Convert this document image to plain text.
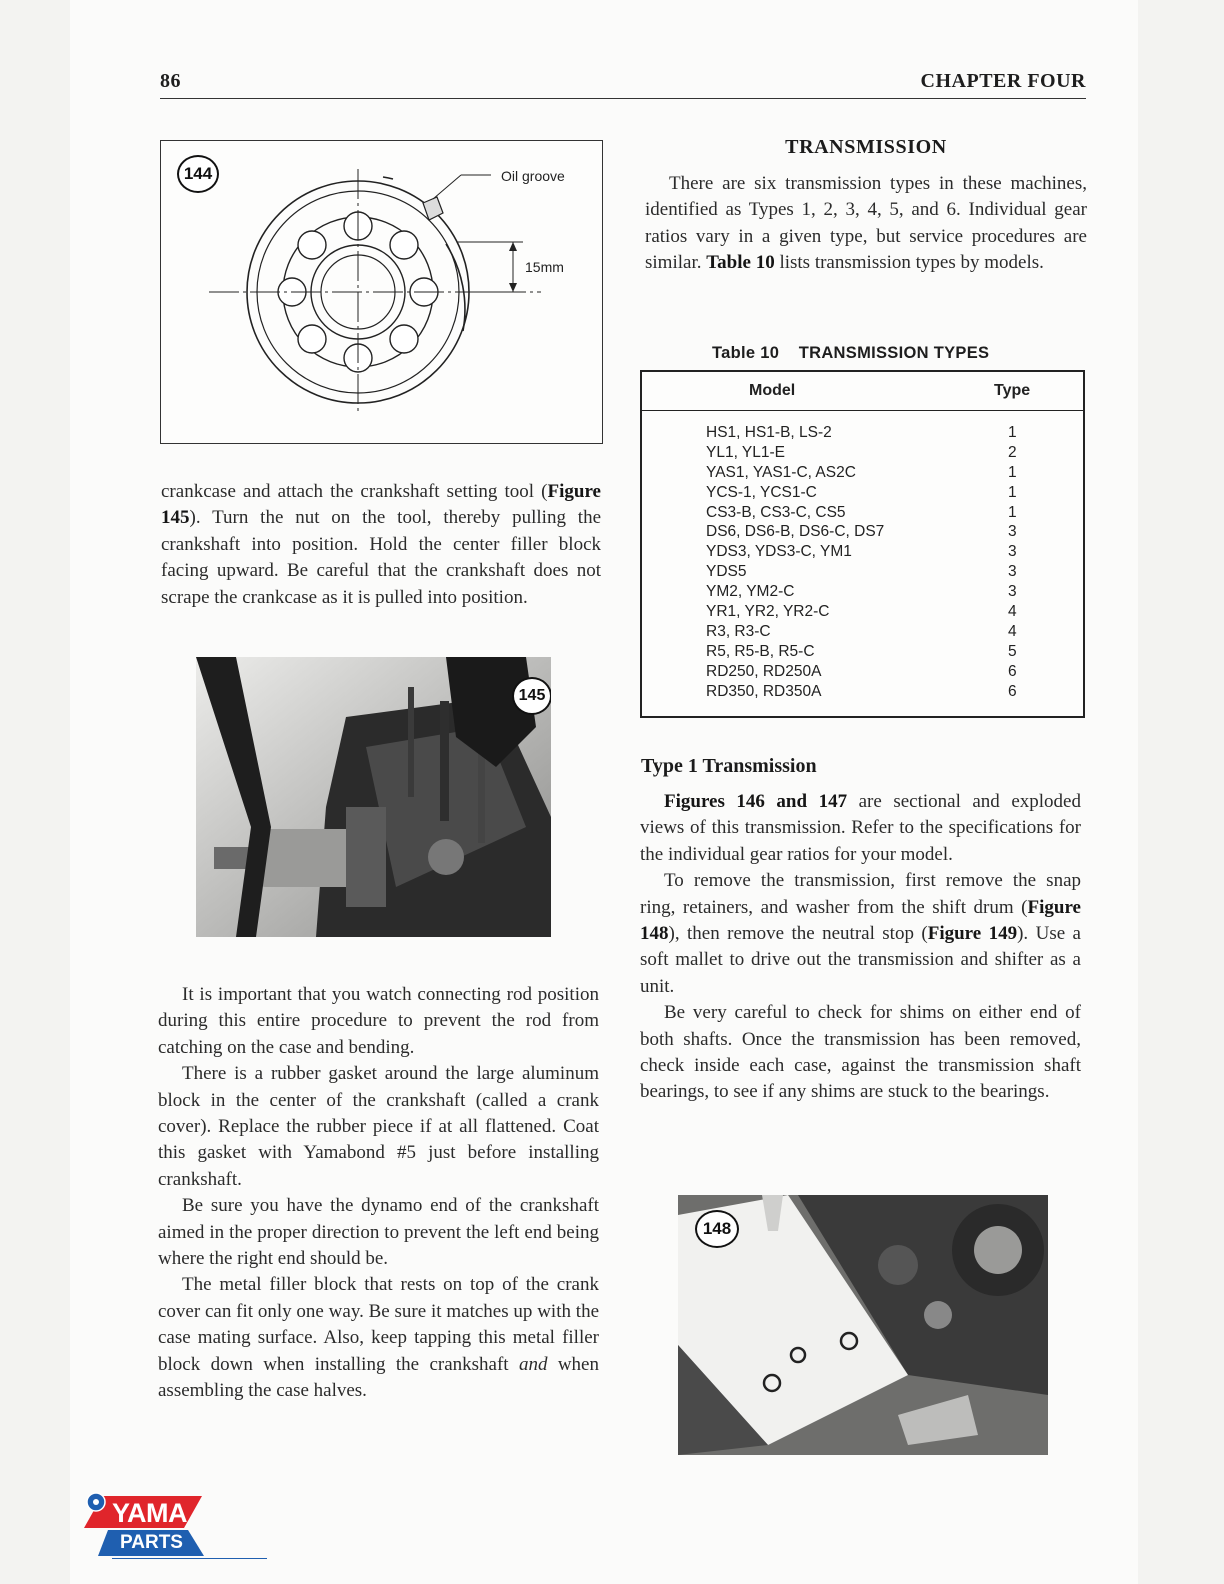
86	CHAPTER FOUR
144	Oil groove
15mm

crankcase and attach the crankshaft setting tool (Figure 145). Turn the nut on the tool, thereby pulling the crankshaft into position. Hold the center filler block facing upward. Be careful that the crankshaft does not scrape the crankcase as it is pulled into position.

145

It is important that you watch connecting rod position during this entire procedure to prevent the rod from catching on the case and bending.

There is a rubber gasket around the large aluminum block in the center of the crankshaft (called a crank cover). Replace the rubber piece if at all flattened. Coat this gasket with Yamabond #5 just before installing crankshaft.

Be sure you have the dynamo end of the crankshaft aimed in the proper direction to prevent the left end being where the right end should be.

The metal filler block that rests on top of the crank cover can fit only one way. Be sure it matches up with the case mating surface. Also, keep tapping this metal filler block down when installing the crankshaft and when assembling the case halves.

TRANSMISSION

There are six transmission types in these machines, identified as Types 1, 2, 3, 4, 5, and 6. Individual gear ratios vary in a given type, but service procedures are similar. Table 10 lists transmission types by models.

Table 10    TRANSMISSION TYPES
Model	Type
HS1, HS1-B, LS-2	1
YL1, YL1-E	2
YAS1, YAS1-C, AS2C	1
YCS-1, YCS1-C	1
CS3-B, CS3-C, CS5	1
DS6, DS6-B, DS6-C, DS7	3
YDS3, YDS3-C, YM1	3
YDS5	3
YM2, YM2-C	3
YR1, YR2, YR2-C	4
R3, R3-C	4
R5, R5-B, R5-C	5
RD250, RD250A	6
RD350, RD350A	6
Type 1 Transmission

Figures 146 and 147 are sectional and exploded views of this transmission. Refer to the specifications for the individual gear ratios for your model.

To remove the transmission, first remove the snap ring, retainers, and washer from the shift drum (Figure 148), then remove the neutral stop (Figure 149). Use a soft mallet to drive out the transmission and shifter as a unit.

Be very careful to check for shims on either end of both shafts. Once the transmission has been removed, check inside each case, against the transmission shaft bearings, to see if any shims are stuck to the bearings.

148
YAMA
PARTS
